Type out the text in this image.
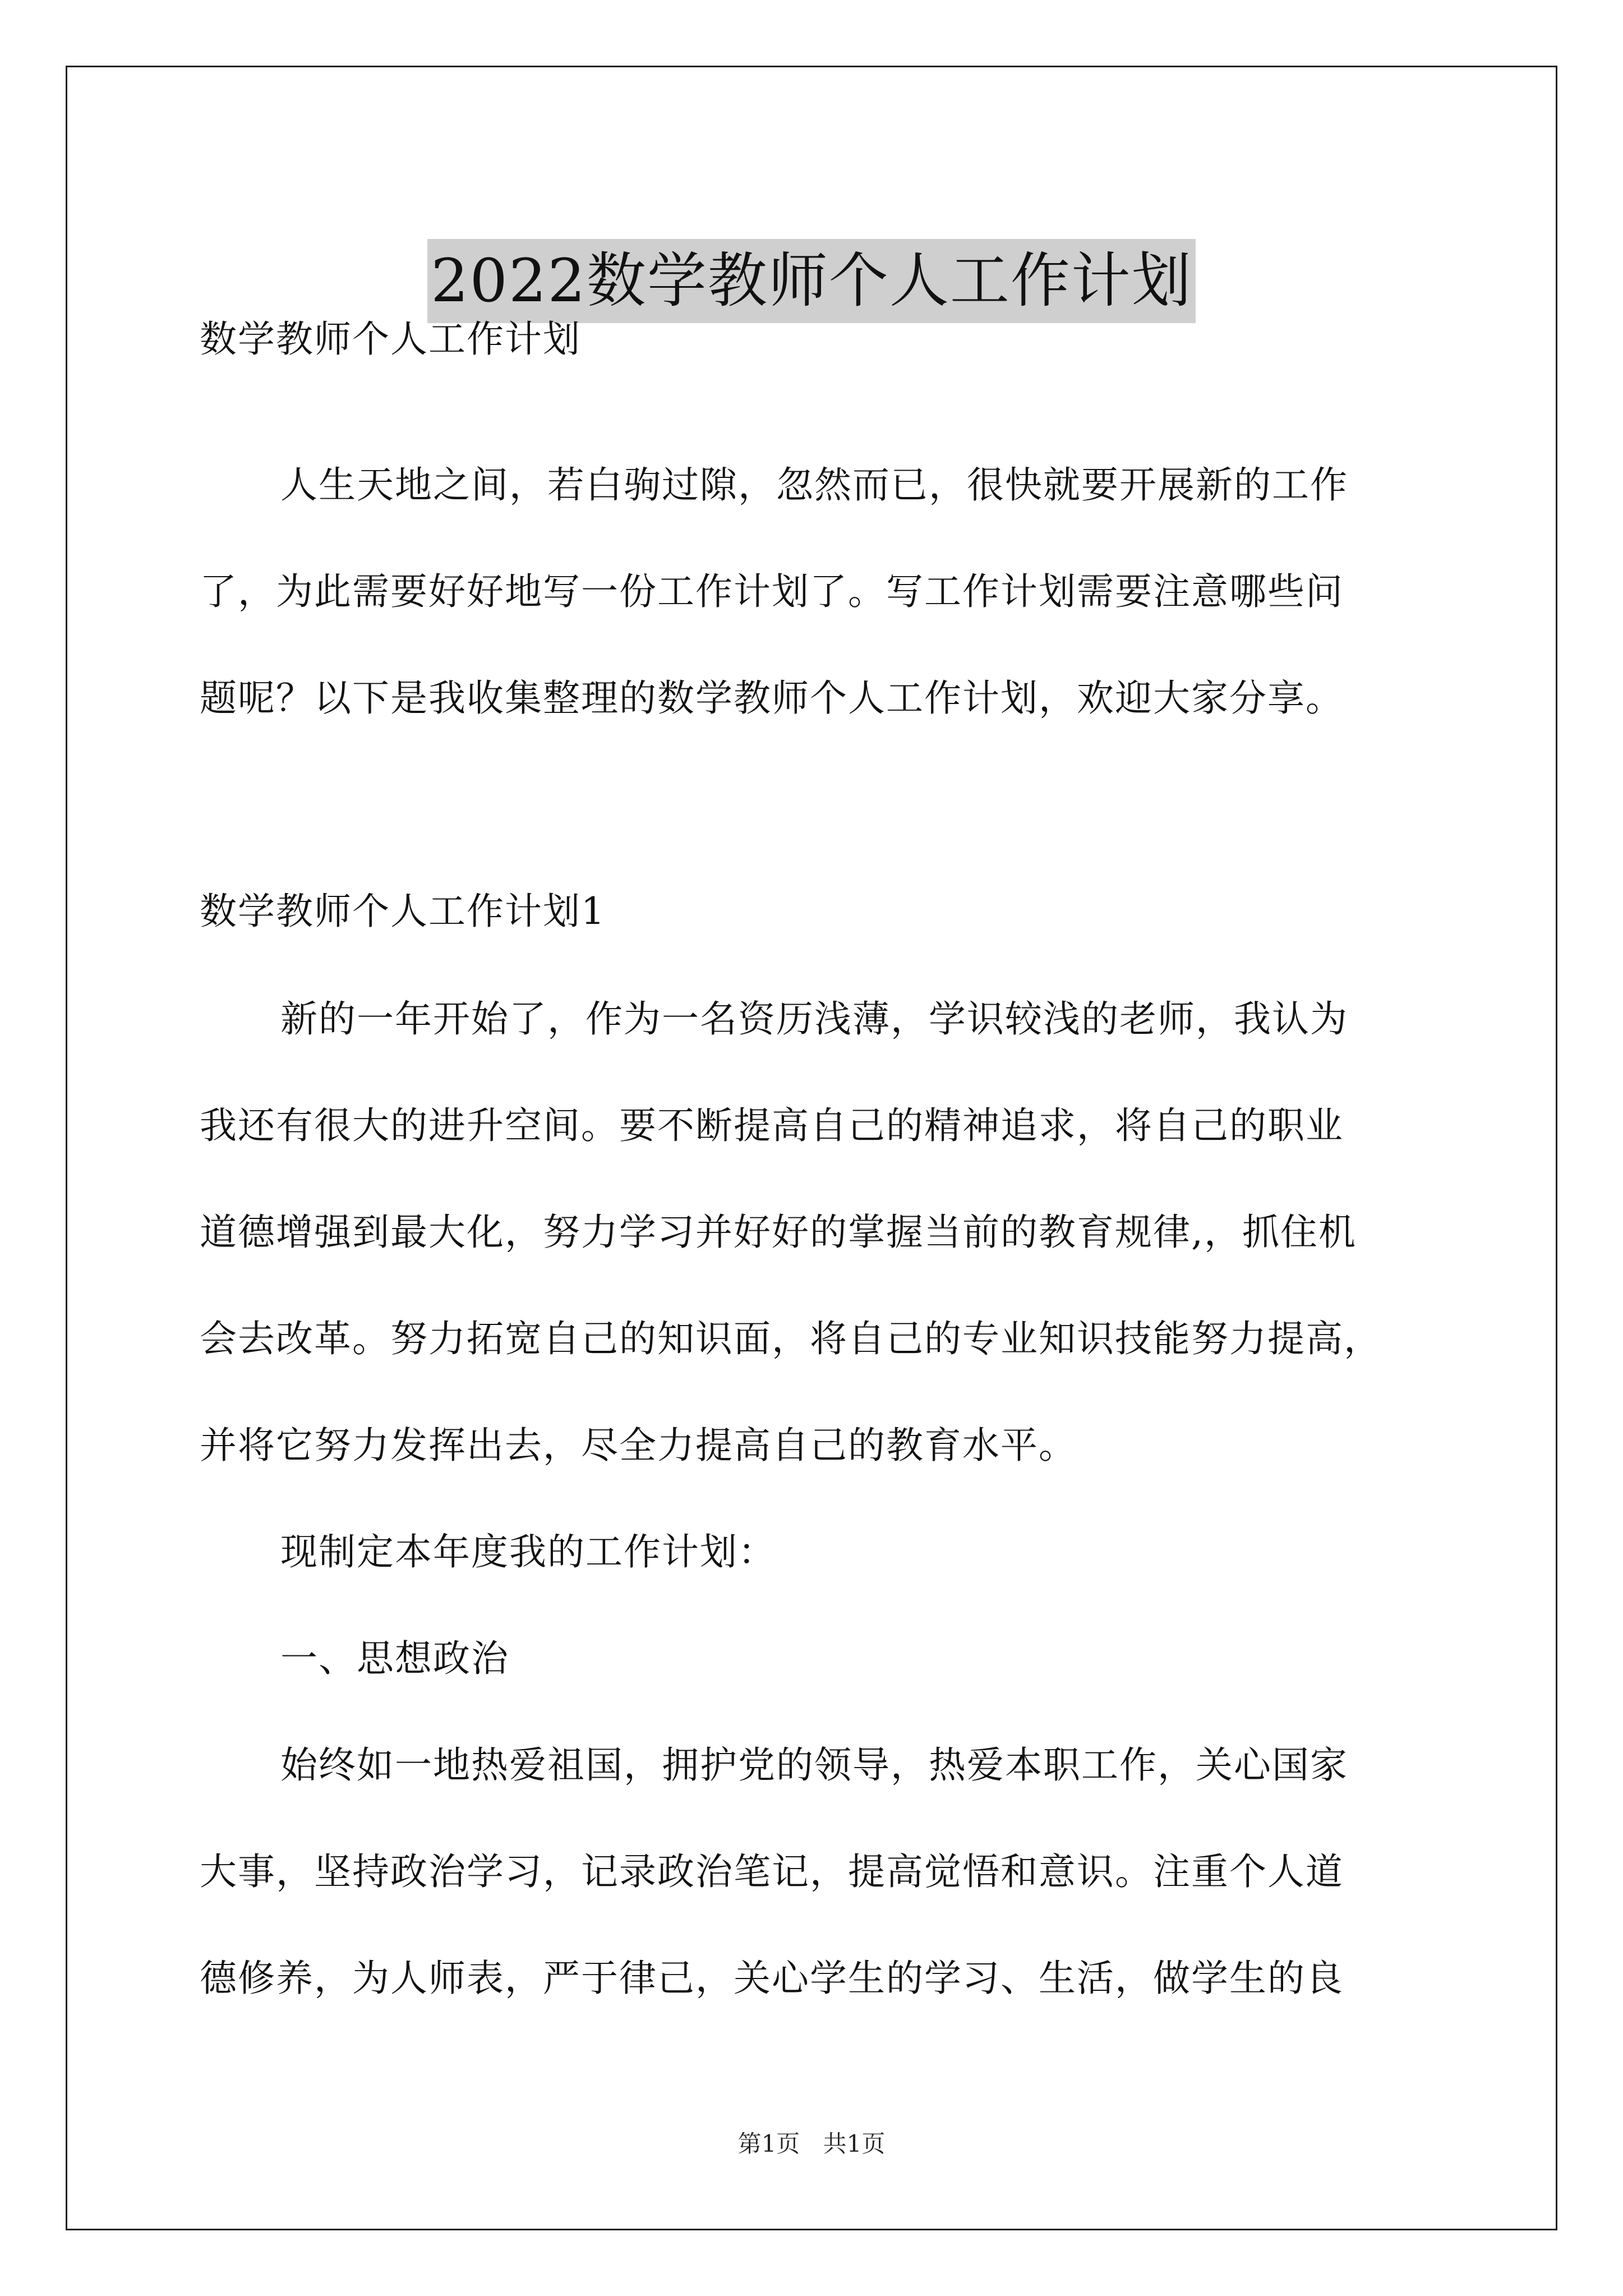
2022数学教师个人工作计划
数学教师个人工作计划
人生天地之间，若白驹过隙，忽然而已，很快就要开展新的工作
了，为此需要好好地写一份工作计划了。写工作计划需要注意哪些问
题呢？以下是我收集整理的数学教师个人工作计划，欢迎大家分享。
数学教师个人工作计划1
新的一年开始了，作为一名资历浅薄，学识较浅的老师，我认为
我还有很大的进升空间。要不断提高自己的精神追求，将自己的职业
道德增强到最大化，努力学习并好好的掌握当前的教育规律,，抓住机
会去改革。努力拓宽自己的知识面，将自己的专业知识技能努力提高，
并将它努力发挥出去，尽全力提高自己的教育水平。
现制定本年度我的工作计划：
一、思想政治
始终如一地热爱祖国，拥护党的领导，热爱本职工作，关心国家
大事，坚持政治学习，记录政治笔记，提高觉悟和意识。注重个人道
德修养，为人师表，严于律己，关心学生的学习、生活，做学生的良
第1页 共1页
